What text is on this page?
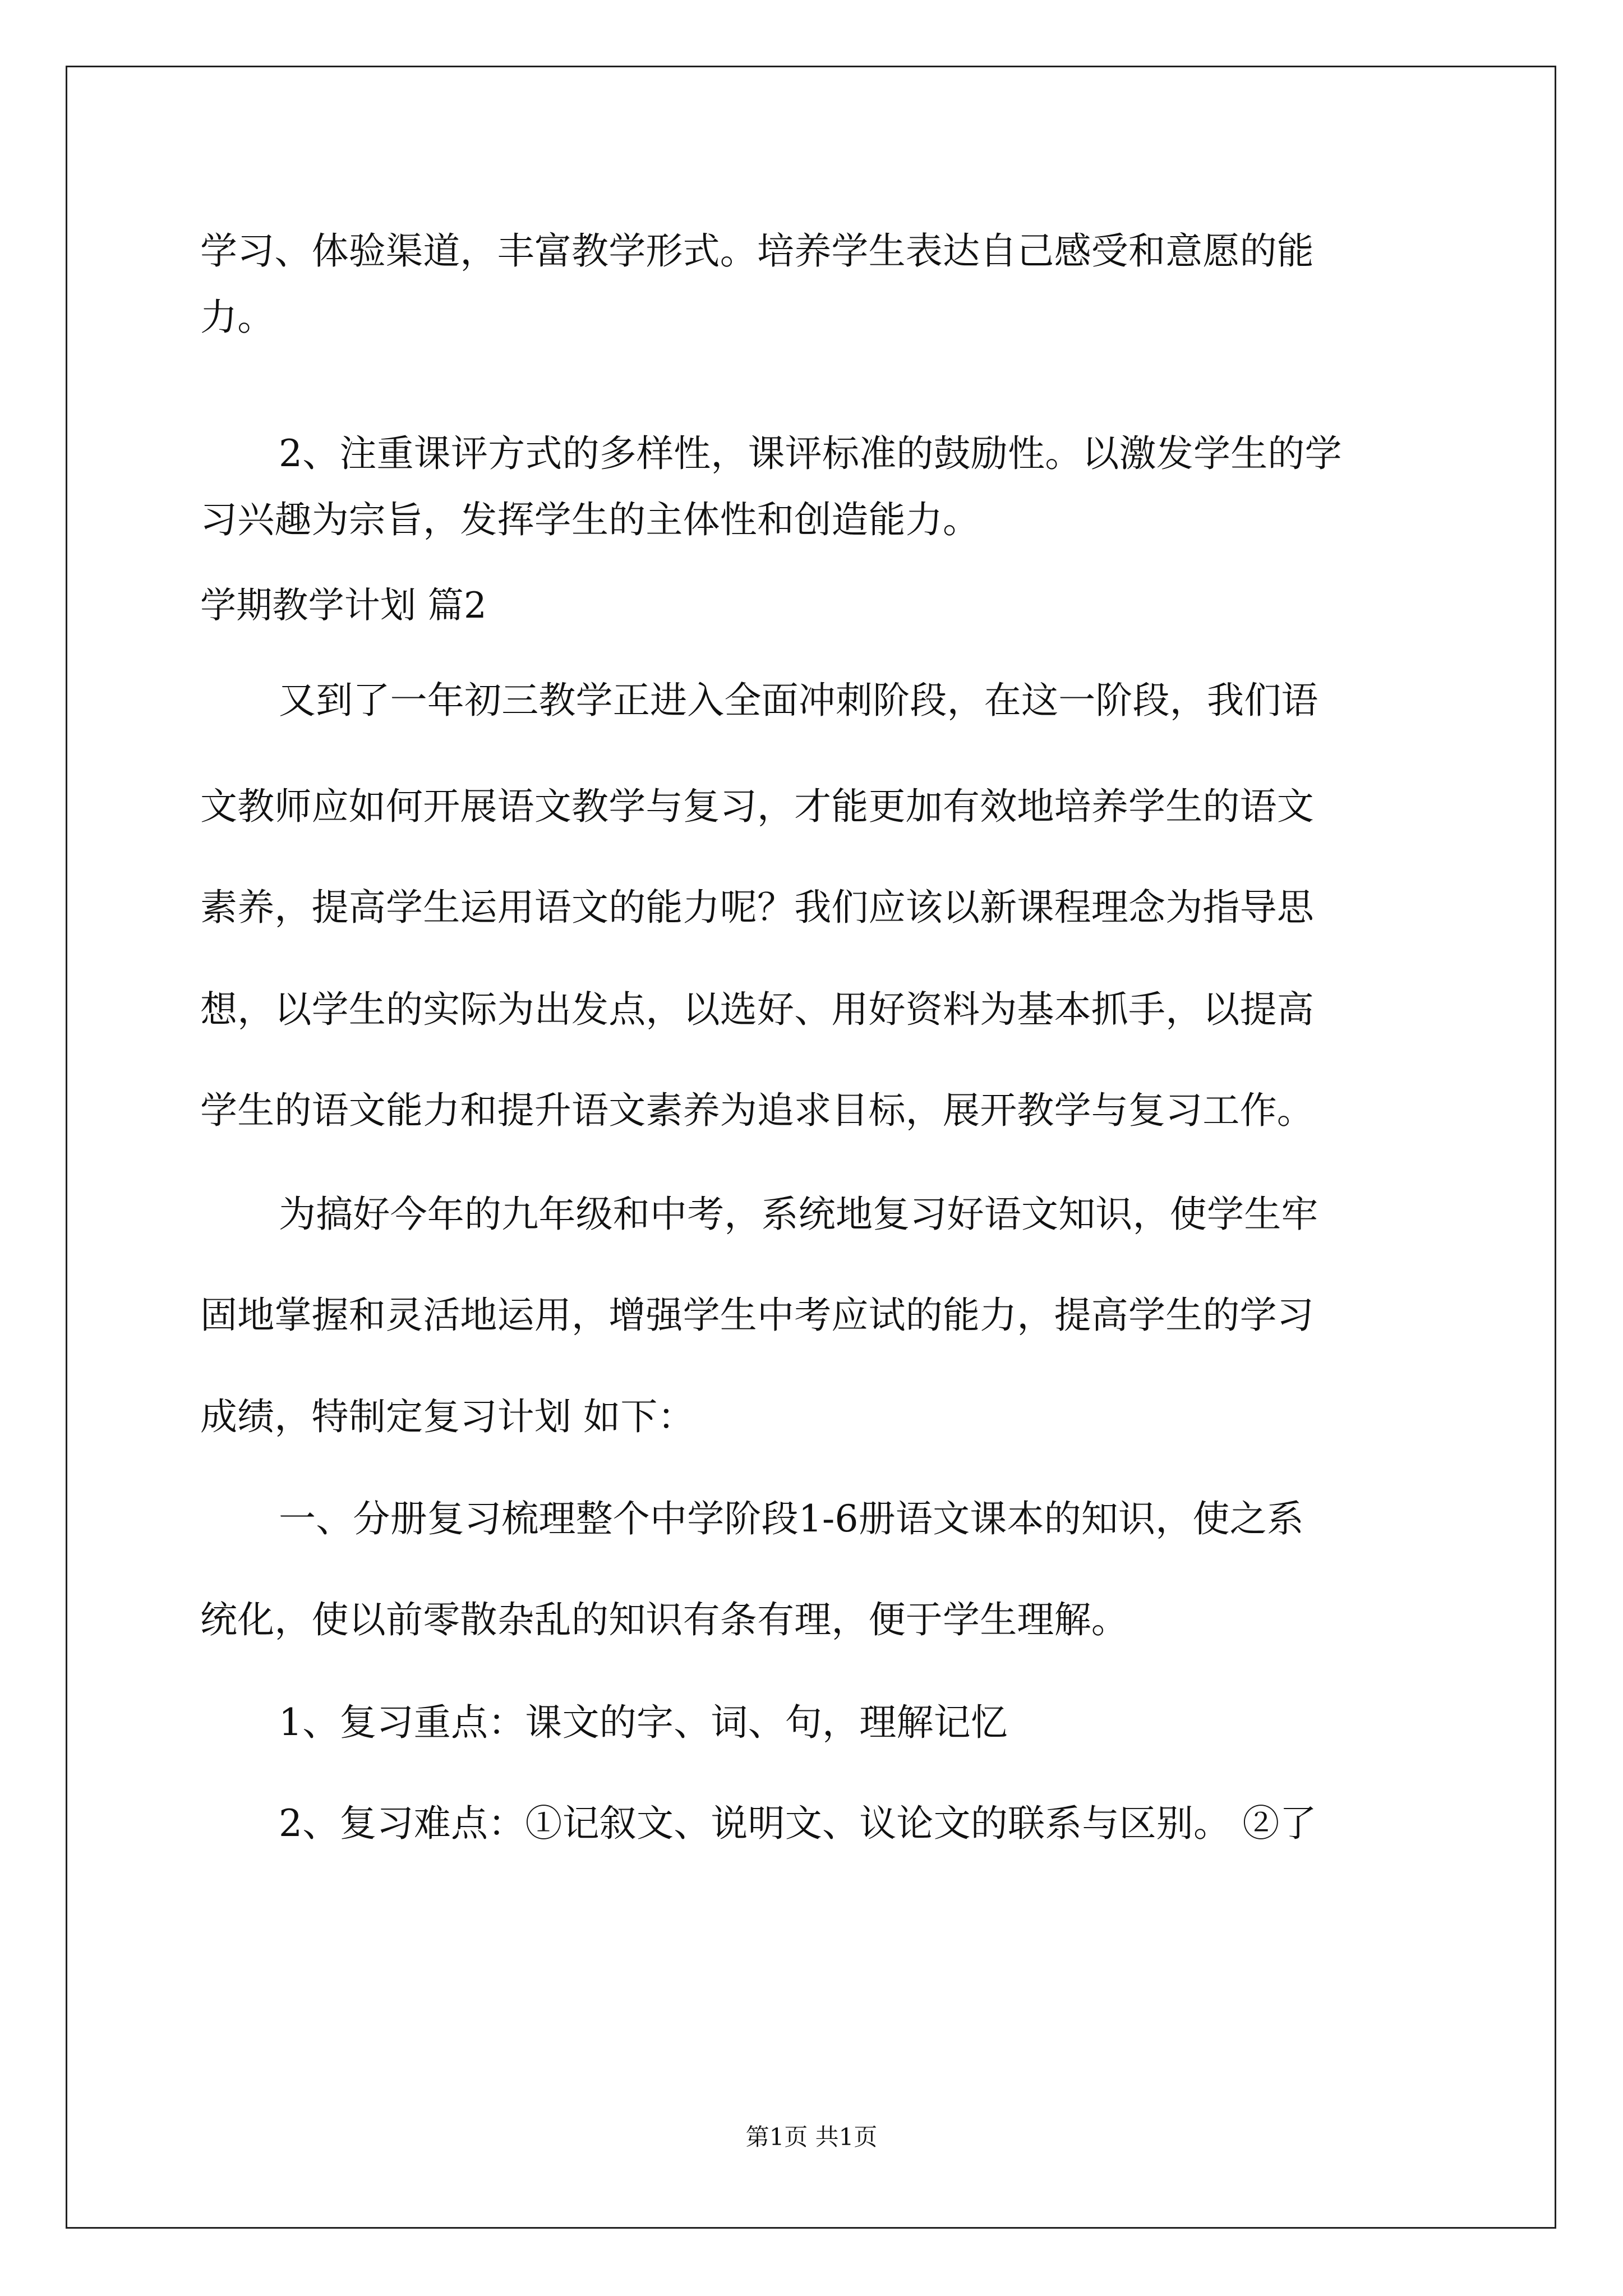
学习、体验渠道，丰富教学形式。培养学生表达自己感受和意愿的能
力。
2、注重课评方式的多样性，课评标准的鼓励性。以激发学生的学
习兴趣为宗旨，发挥学生的主体性和创造能力。
学期教学计划 篇2
又到了一年初三教学正进入全面冲刺阶段，在这一阶段，我们语
文教师应如何开展语文教学与复习，才能更加有效地培养学生的语文
素养，提高学生运用语文的能力呢？我们应该以新课程理念为指导思
想，以学生的实际为出发点，以选好、用好资料为基本抓手，以提高
学生的语文能力和提升语文素养为追求目标，展开教学与复习工作。
为搞好今年的九年级和中考，系统地复习好语文知识，使学生牢
固地掌握和灵活地运用，增强学生中考应试的能力，提高学生的学习
成绩，特制定复习计划 如下：
一、分册复习梳理整个中学阶段1-6册语文课本的知识，使之系
统化，使以前零散杂乱的知识有条有理，便于学生理解。
1、复习重点：课文的字、词、句，理解记忆
2、复习难点：①记叙文、说明文、议论文的联系与区别。 ②了
第1页 共1页
